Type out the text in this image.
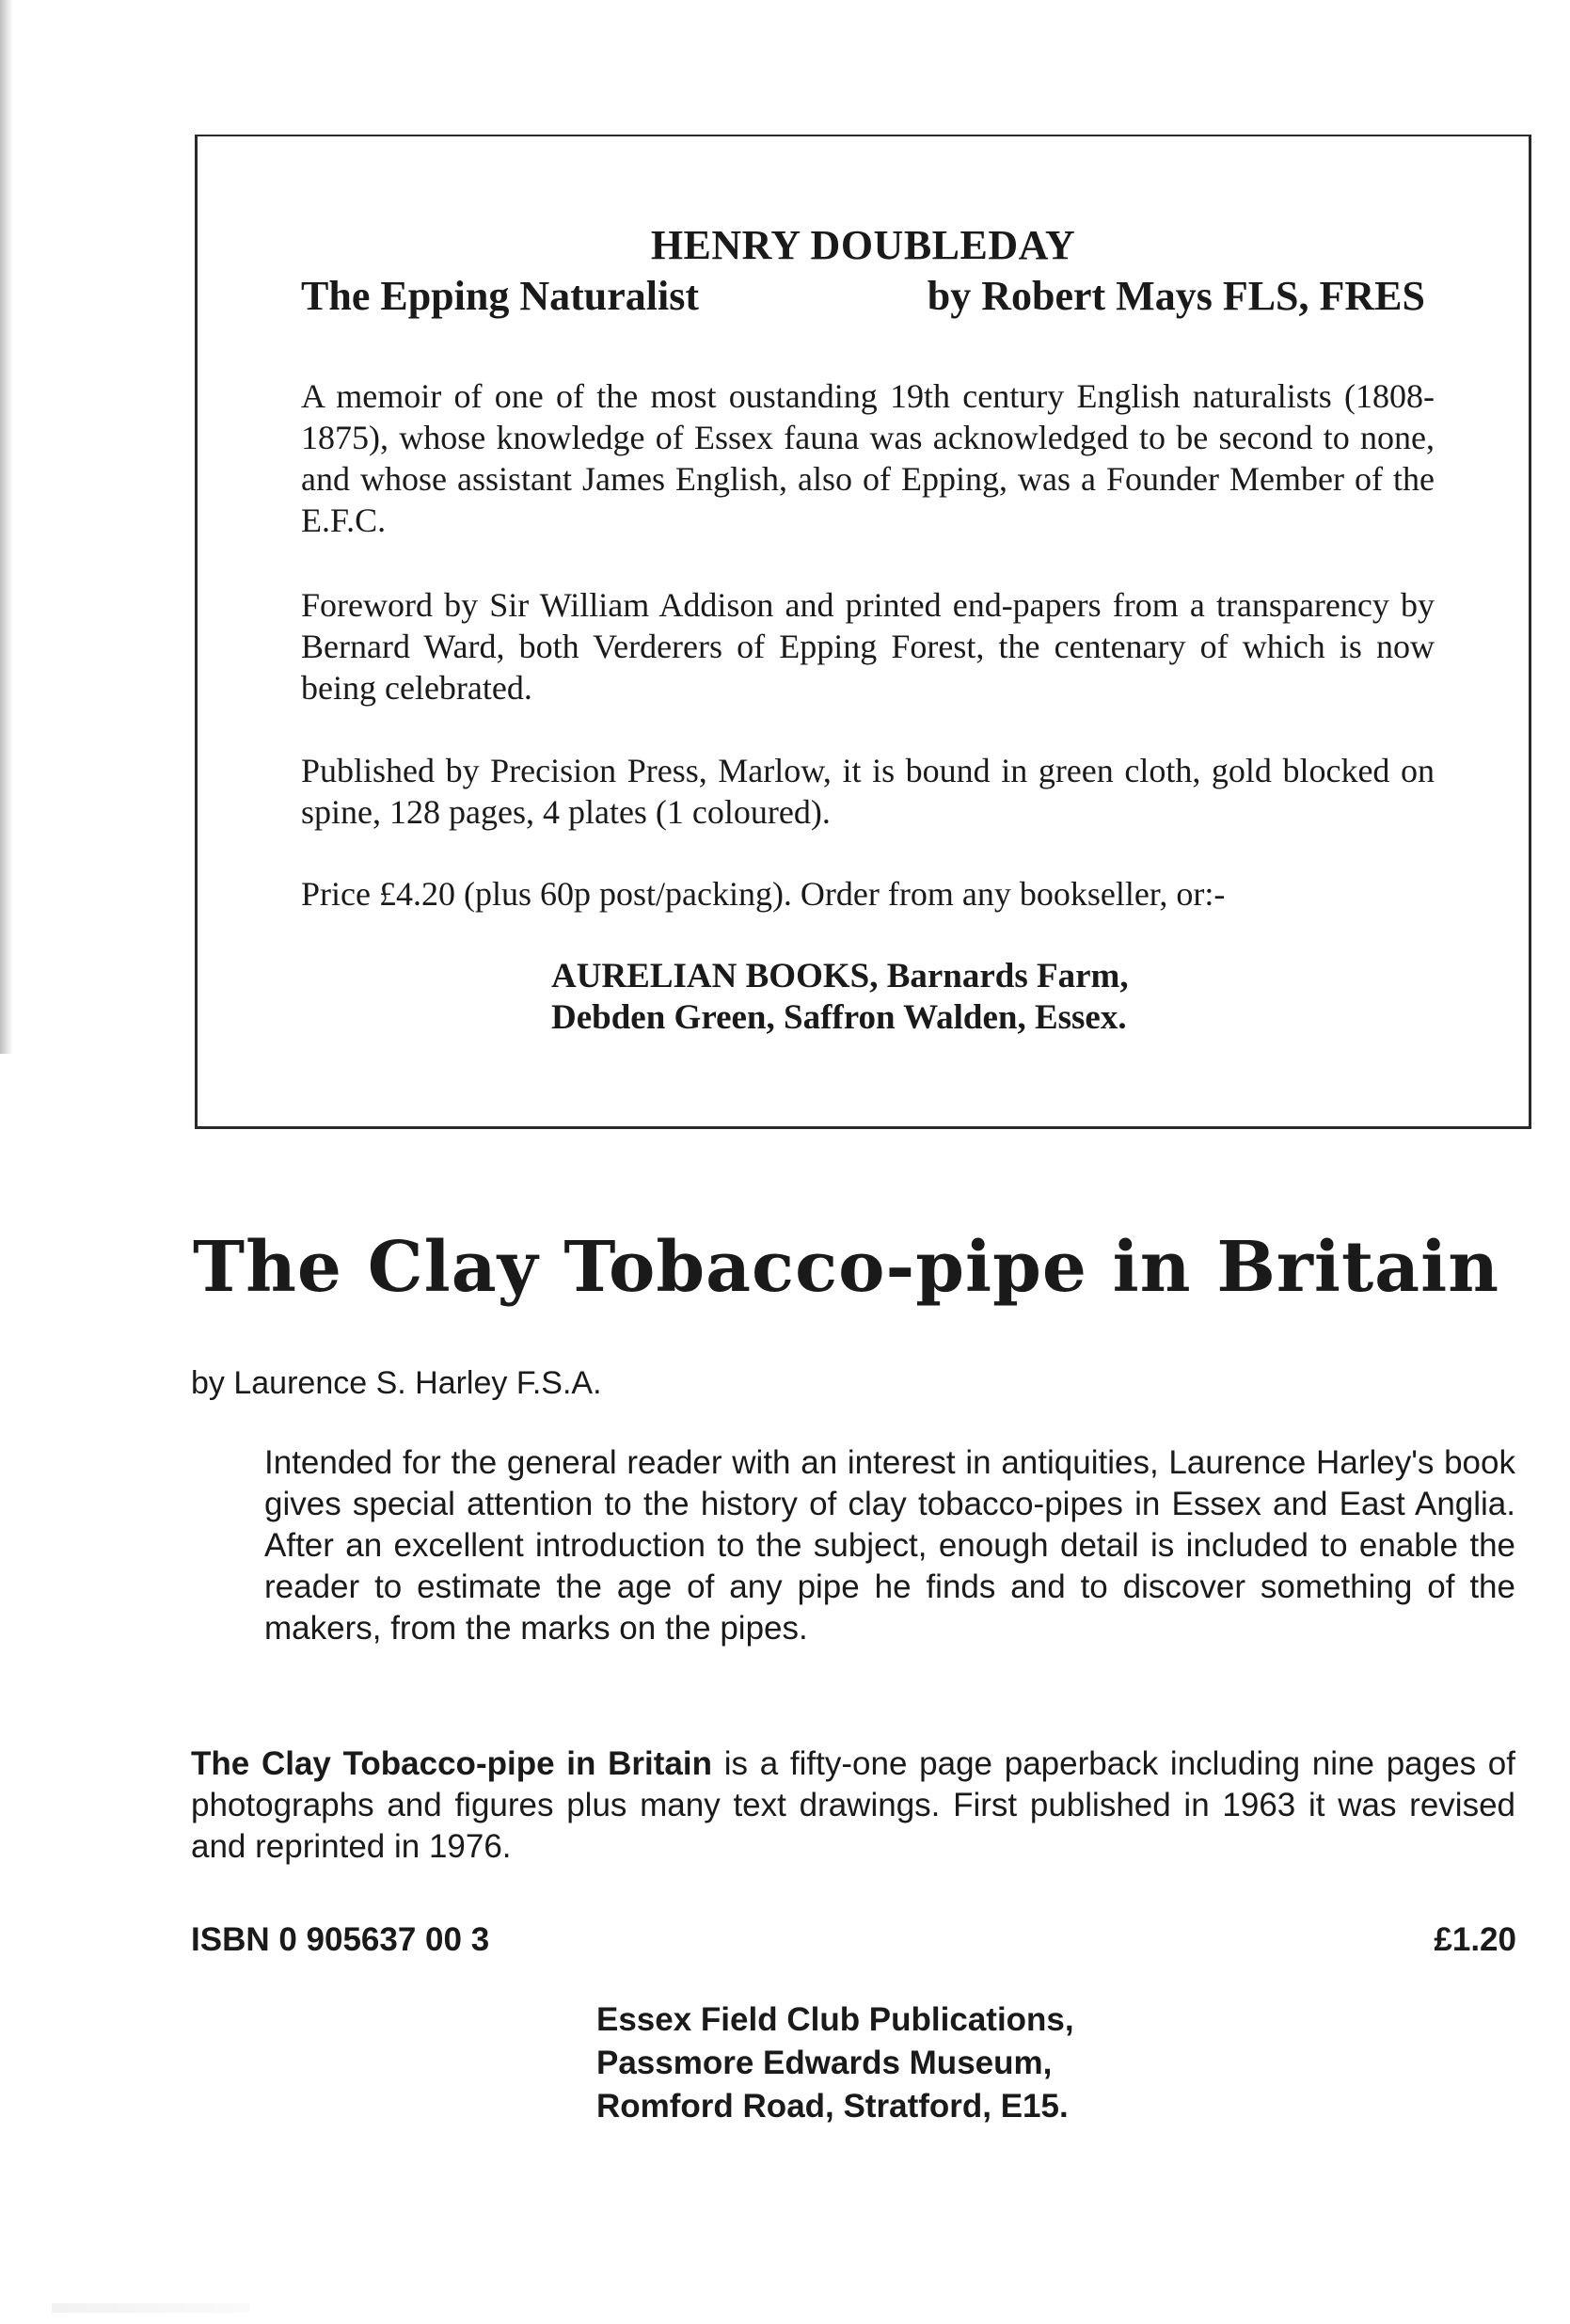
HENRY DOUBLEDAY
The Epping Naturalist	by Robert Mays FLS, FRES

A memoir of one of the most oustanding 19th century English naturalists (1808-1875), whose knowledge of Essex fauna was acknowledged to be second to none, and whose assistant James English, also of Epping, was a Founder Member of the E.F.C.

Foreword by Sir William Addison and printed end-papers from a transparency by Bernard Ward, both Verderers of Epping Forest, the centenary of which is now being celebrated.

Published by Precision Press, Marlow, it is bound in green cloth, gold blocked on spine, 128 pages, 4 plates (1 coloured).

Price £4.20 (plus 60p post/packing). Order from any bookseller, or:-

AURELIAN BOOKS, Barnards Farm,
Debden Green, Saffron Walden, Essex.
The Clay Tobacco-pipe in Britain
by Laurence S. Harley F.S.A.

Intended for the general reader with an interest in antiquities, Laurence Harley's book gives special attention to the history of clay tobacco-pipes in Essex and East Anglia. After an excellent introduction to the subject, enough detail is included to enable the reader to estimate the age of any pipe he finds and to discover something of the makers, from the marks on the pipes.

The Clay Tobacco-pipe in Britain is a fifty-one page paperback including nine pages of photographs and figures plus many text drawings. First published in 1963 it was revised and reprinted in 1976.

ISBN 0 905637 00 3	£1.20
Essex Field Club Publications,
Passmore Edwards Museum,
Romford Road, Stratford, E15.
